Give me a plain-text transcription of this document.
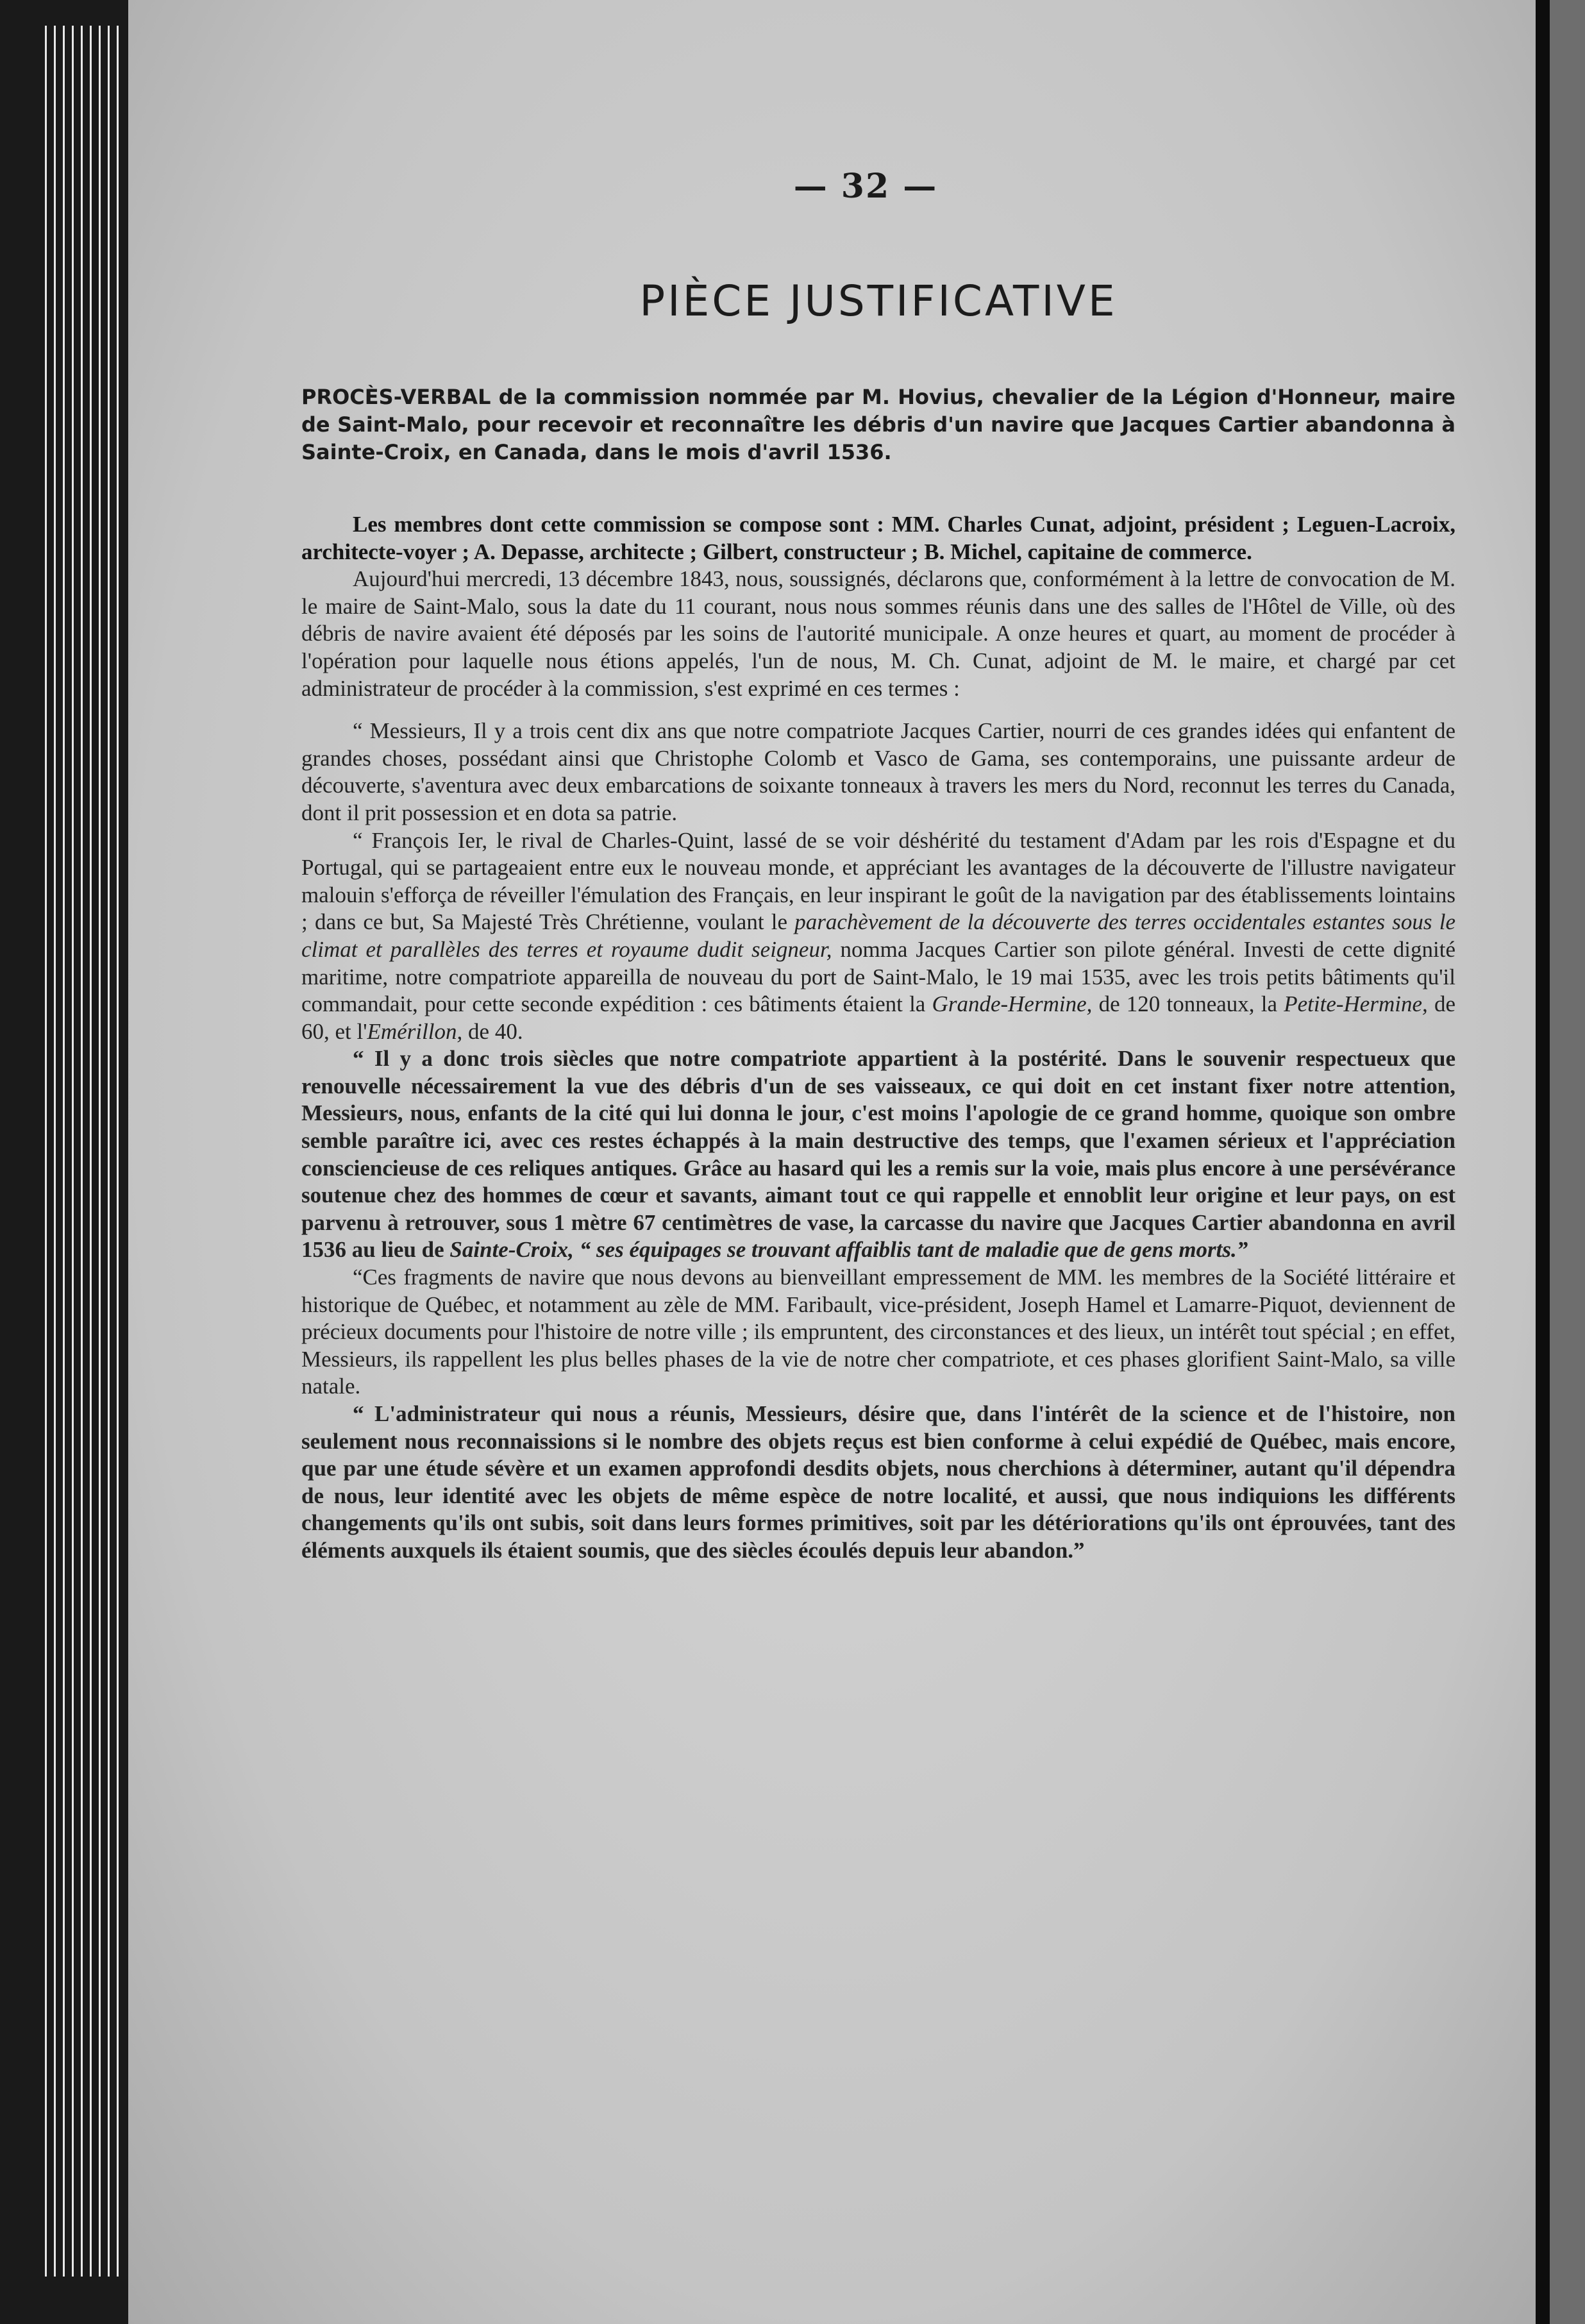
— 32 —
PIÈCE JUSTIFICATIVE

PROCÈS-VERBAL de la commission nommée par M. Hovius, chevalier de la Légion d'Honneur, maire de Saint-Malo, pour recevoir et reconnaître les débris d'un navire que Jacques Cartier abandonna à Sainte-Croix, en Canada, dans le mois d'avril 1536.

Les membres dont cette commission se compose sont : MM. Charles Cunat, adjoint, président ; Leguen-Lacroix, architecte-voyer ; A. Depasse, architecte ; Gilbert, constructeur ; B. Michel, capitaine de commerce.

Aujourd'hui mercredi, 13 décembre 1843, nous, soussignés, déclarons que, conformément à la lettre de convocation de M. le maire de Saint-Malo, sous la date du 11 courant, nous nous sommes réunis dans une des salles de l'Hôtel de Ville, où des débris de navire avaient été déposés par les soins de l'autorité municipale. A onze heures et quart, au moment de procéder à l'opération pour laquelle nous étions appelés, l'un de nous, M. Ch. Cunat, adjoint de M. le maire, et chargé par cet administrateur de procéder à la commission, s'est exprimé en ces termes :

“ Messieurs, Il y a trois cent dix ans que notre compatriote Jacques Cartier, nourri de ces grandes idées qui enfantent de grandes choses, possédant ainsi que Christophe Colomb et Vasco de Gama, ses contemporains, une puissante ardeur de découverte, s'aventura avec deux embarcations de soixante tonneaux à travers les mers du Nord, reconnut les terres du Canada, dont il prit possession et en dota sa patrie.

“ François Ier, le rival de Charles-Quint, lassé de se voir déshérité du testament d'Adam par les rois d'Espagne et du Portugal, qui se partageaient entre eux le nouveau monde, et appréciant les avantages de la découverte de l'illustre navigateur malouin s'efforça de réveiller l'émulation des Français, en leur inspirant le goût de la navigation par des établissements lointains ; dans ce but, Sa Majesté Très Chrétienne, voulant le parachèvement de la découverte des terres occidentales estantes sous le climat et parallèles des terres et royaume dudit seigneur, nomma Jacques Cartier son pilote général. Investi de cette dignité maritime, notre compatriote appareilla de nouveau du port de Saint-Malo, le 19 mai 1535, avec les trois petits bâtiments qu'il commandait, pour cette seconde expédition : ces bâtiments étaient la Grande-Hermine, de 120 tonneaux, la Petite-Hermine, de 60, et l'Emérillon, de 40.

“ Il y a donc trois siècles que notre compatriote appartient à la postérité. Dans le souvenir respectueux que renouvelle nécessairement la vue des débris d'un de ses vaisseaux, ce qui doit en cet instant fixer notre attention, Messieurs, nous, enfants de la cité qui lui donna le jour, c'est moins l'apologie de ce grand homme, quoique son ombre semble paraître ici, avec ces restes échappés à la main destructive des temps, que l'examen sérieux et l'appréciation consciencieuse de ces reliques antiques. Grâce au hasard qui les a remis sur la voie, mais plus encore à une persévérance soutenue chez des hommes de cœur et savants, aimant tout ce qui rappelle et ennoblit leur origine et leur pays, on est parvenu à retrouver, sous 1 mètre 67 centimètres de vase, la carcasse du navire que Jacques Cartier abandonna en avril 1536 au lieu de Sainte-Croix, “ ses équipages se trouvant affaiblis tant de maladie que de gens morts.”

“Ces fragments de navire que nous devons au bienveillant empressement de MM. les membres de la Société littéraire et historique de Québec, et notamment au zèle de MM. Faribault, vice-président, Joseph Hamel et Lamarre-Piquot, deviennent de précieux documents pour l'histoire de notre ville ; ils empruntent, des circonstances et des lieux, un intérêt tout spécial ; en effet, Messieurs, ils rappellent les plus belles phases de la vie de notre cher compatriote, et ces phases glorifient Saint-Malo, sa ville natale.

“ L'administrateur qui nous a réunis, Messieurs, désire que, dans l'intérêt de la science et de l'histoire, non seulement nous reconnaissions si le nombre des objets reçus est bien conforme à celui expédié de Québec, mais encore, que par une étude sévère et un examen approfondi desdits objets, nous cherchions à déterminer, autant qu'il dépendra de nous, leur identité avec les objets de même espèce de notre localité, et aussi, que nous indiquions les différents changements qu'ils ont subis, soit dans leurs formes primitives, soit par les détériorations qu'ils ont éprouvées, tant des éléments auxquels ils étaient soumis, que des siècles écoulés depuis leur abandon.”
